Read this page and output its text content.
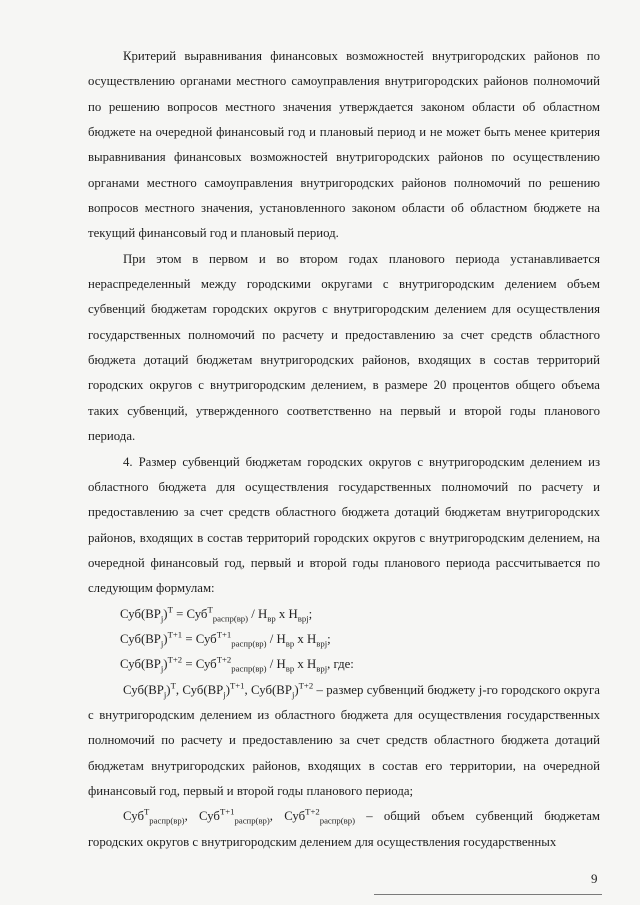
Критерий выравнивания финансовых возможностей внутригородских районов по осуществлению органами местного самоуправления внутригородских районов полномочий по решению вопросов местного значения утверждается законом области об областном бюджете на очередной финансовый год и плановый период и не может быть менее критерия выравнивания финансовых возможностей внутригородских районов по осуществлению органами местного самоуправления внутригородских районов полномочий по решению вопросов местного значения, установленного законом области об областном бюджете на текущий финансовый год и плановый период.

При этом в первом и во втором годах планового периода устанавливается нераспределенный между городскими округами с внутригородским делением объем субвенций бюджетам городских округов с внутригородским делением для осуществления государственных полномочий по расчету и предоставлению за счет средств областного бюджета дотаций бюджетам внутригородских районов, входящих в состав территорий городских округов с внутригородским делением, в размере 20 процентов общего объема таких субвенций, утвержденного соответственно на первый и второй годы планового периода.

4. Размер субвенций бюджетам городских округов с внутригородским делением из областного бюджета для осуществления государственных полномочий по расчету и предоставлению за счет средств областного бюджета дотаций бюджетам внутригородских районов, входящих в состав территорий городских округов с внутригородским делением, на очередной финансовый год, первый и второй годы планового периода рассчитывается по следующим формулам:

$Суб(ВР_j)^T = Суб^T_{распр(вр)} / Н_{вр}$ x $Н_{врj}$;

$Суб(ВР_j)^{T+1} = Суб^{T+1}_{распр(вр)} / Н_{вр}$ x $Н_{врj}$;

$Суб(ВР_j)^{T+2} = Суб^{T+2}_{распр(вр)} / Н_{вр}$ x $Н_{врj}$, где:

$Суб(ВР_j)^T$, $Суб(ВР_j)^{T+1}$, $Суб(ВР_j)^{T+2}$ – размер субвенций бюджету j-го городского округа с внутригородским делением из областного бюджета для осуществления государственных полномочий по расчету и предоставлению за счет средств областного бюджета дотаций бюджетам внутригородских районов, входящих в состав его территории, на очередной финансовый год, первый и второй годы планового периода;

Суб$^T_{распр(вр)}$, Суб$^{T+1}_{распр(вр)}$, Суб$^{T+2}_{распр(вр)}$ – общий объем субвенций бюджетам городских округов с внутригородским делением для осуществления государственных

9
